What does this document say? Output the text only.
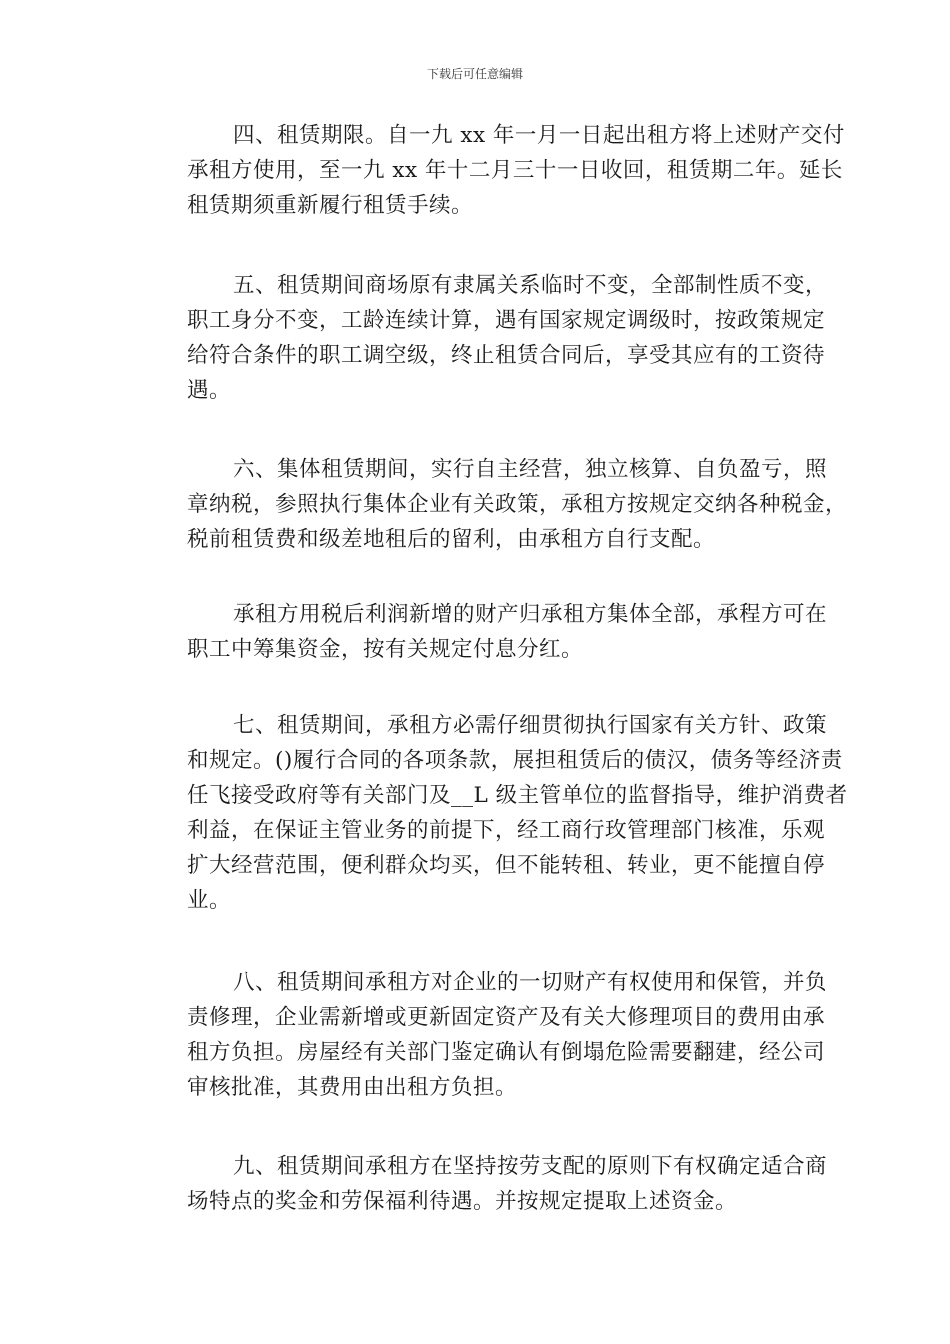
下载后可任意编辑
四、租赁期限。自一九 xx 年一月一日起出租方将上述财产交付
承租方使用，至一九 xx 年十二月三十一日收回，租赁期二年。延长
租赁期须重新履行租赁手续。
五、租赁期间商场原有隶属关系临时不变，全部制性质不变，
职工身分不变，工龄连续计算，遇有国家规定调级时，按政策规定
给符合条件的职工调空级，终止租赁合同后，享受其应有的工资待
遇。
六、集体租赁期间，实行自主经营，独立核算、自负盈亏，照
章纳税，参照执行集体企业有关政策，承租方按规定交纳各种税金，
税前租赁费和级差地租后的留利，由承租方自行支配。
承租方用税后利润新增的财产归承租方集体全部，承程方可在
职工中筹集资金，按有关规定付息分红。
七、租赁期间，承租方必需仔细贯彻执行国家有关方针、政策
和规定。()履行合同的各项条款，展担租赁后的债汉，债务等经济责
任飞接受政府等有关部门及__L 级主管单位的监督指导，维护消费者
利益，在保证主管业务的前提下，经工商行玫管理部门核准，乐观
扩大经营范围，便利群众均买，但不能转租、转业，更不能擅自停
业。
八、租赁期间承租方对企业的一切财产有权使用和保管，并负
责修理，企业需新增或更新固定资产及有关大修理项目的费用由承
租方负担。房屋经有关部门鉴定确认有倒塌危险需要翻建，经公司
审核批准，其费用由出租方负担。
九、租赁期间承租方在坚持按劳支配的原则下有权确定适合商
场特点的奖金和劳保福利待遇。并按规定提取上述资金。
